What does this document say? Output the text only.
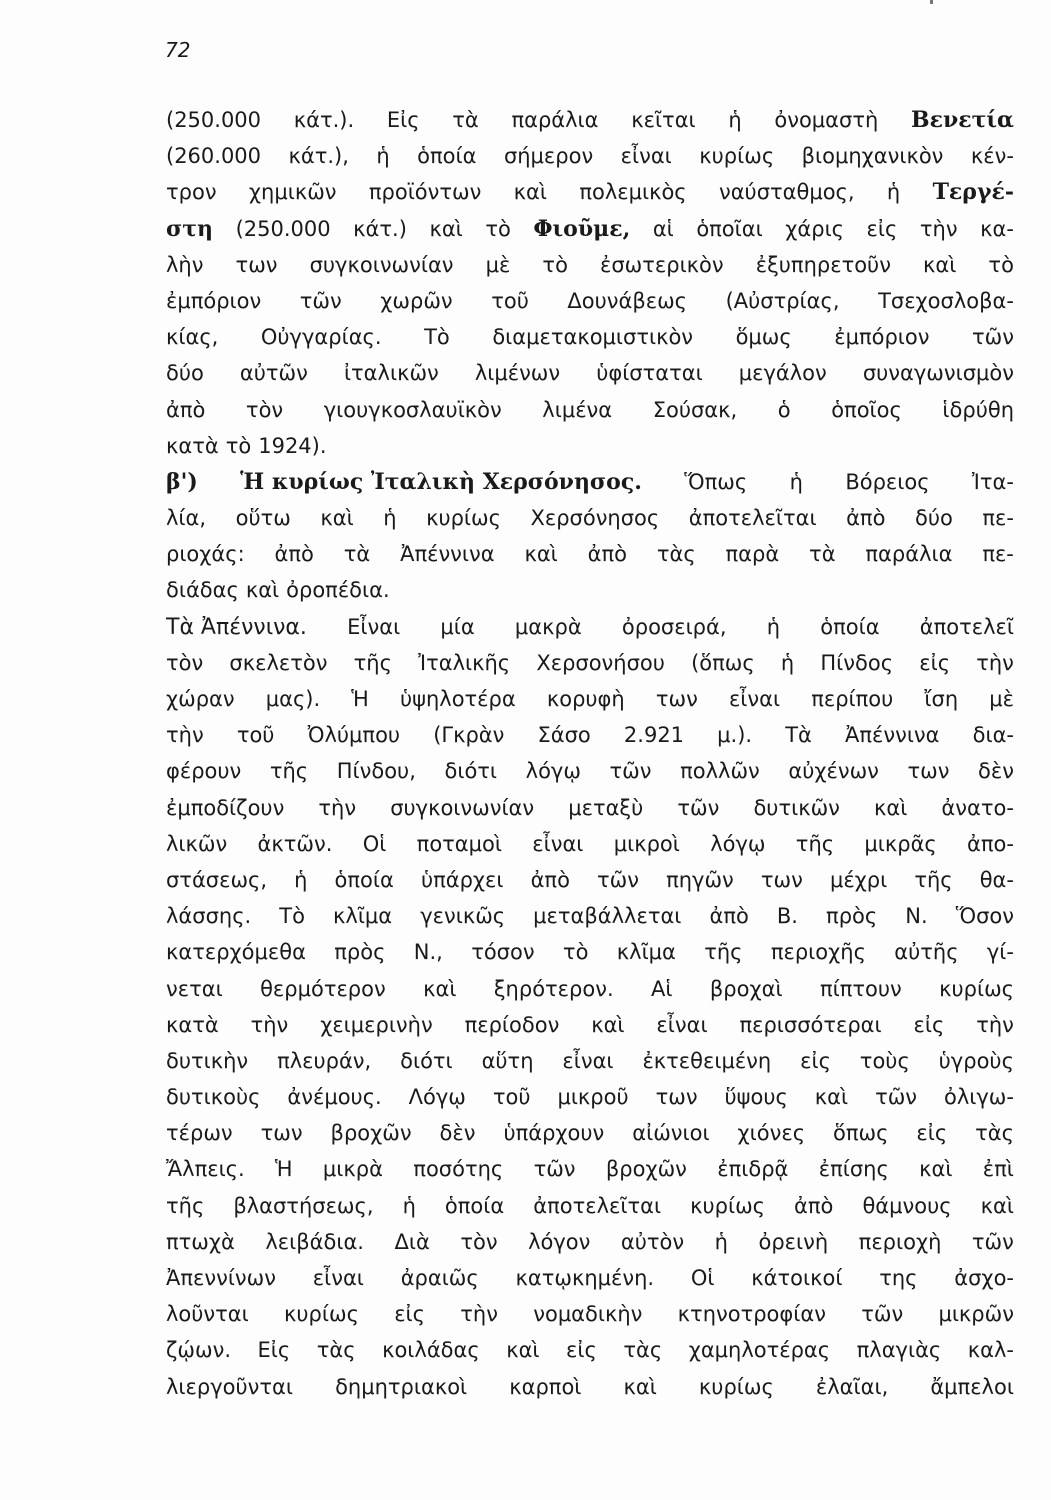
72
(250.000 κάτ.). Εἰς τὰ παράλια κεῖται ἡ ὀνομαστὴ Βενετία
(260.000 κάτ.), ἡ ὁποία σήμερον εἶναι κυρίως βιομηχανικὸν κέν-
τρον χημικῶν προϊόντων καὶ πολεμικὸς ναύσταθμος, ἡ Τεργέ-
στη (250.000 κάτ.) καὶ τὸ Φιοῦμε, αἱ ὁποῖαι χάρις εἰς τὴν κα-
λὴν των συγκοινωνίαν μὲ τὸ ἐσωτερικὸν ἐξυπηρετοῦν καὶ τὸ
ἐμπόριον τῶν χωρῶν τοῦ Δουνάβεως (Αὐστρίας, Τσεχοσλοβα-
κίας, Οὐγγαρίας. Τὸ διαμετακομιστικὸν ὅμως ἐμπόριον τῶν
δύο αὐτῶν ἰταλικῶν λιμένων ὑφίσταται μεγάλον συναγωνισμὸν
ἀπὸ τὸν γιουγκοσλαυϊκὸν λιμένα Σούσακ, ὁ ὁποῖος ἱδρύθη
κατὰ τὸ 1924).
β') Ἡ κυρίως Ἰταλικὴ Χερσόνησος. Ὅπως ἡ Βόρειος Ἰτα-
λία, οὕτω καὶ ἡ κυρίως Χερσόνησος ἀποτελεῖται ἀπὸ δύο πε-
ριοχάς: ἀπὸ τὰ Ἀπέννινα καὶ ἀπὸ τὰς παρὰ τὰ παράλια πε-
διάδας καὶ ὀροπέδια.
Τὰ Ἀπέννινα. Εἶναι μία μακρὰ ὀροσειρά, ἡ ὁποία ἀποτελεῖ
τὸν σκελετὸν τῆς Ἰταλικῆς Χερσονήσου (ὅπως ἡ Πίνδος εἰς τὴν
χώραν μας). Ἡ ὑψηλοτέρα κορυφὴ των εἶναι περίπου ἴση μὲ
τὴν τοῦ Ὀλύμπου (Γκρὰν Σάσο 2.921 μ.). Τὰ Ἀπέννινα δια-
φέρουν τῆς Πίνδου, διότι λόγῳ τῶν πολλῶν αὐχένων των δὲν
ἐμποδίζουν τὴν συγκοινωνίαν μεταξὺ τῶν δυτικῶν καὶ ἀνατο-
λικῶν ἀκτῶν. Οἱ ποταμοὶ εἶναι μικροὶ λόγῳ τῆς μικρᾶς ἀπο-
στάσεως, ἡ ὁποία ὑπάρχει ἀπὸ τῶν πηγῶν των μέχρι τῆς θα-
λάσσης. Τὸ κλῖμα γενικῶς μεταβάλλεται ἀπὸ Β. πρὸς Ν. Ὅσον
κατερχόμεθα πρὸς Ν., τόσον τὸ κλῖμα τῆς περιοχῆς αὐτῆς γί-
νεται θερμότερον καὶ ξηρότερον. Αἱ βροχαὶ πίπτουν κυρίως
κατὰ τὴν χειμερινὴν περίοδον καὶ εἶναι περισσότεραι εἰς τὴν
δυτικὴν πλευράν, διότι αὕτη εἶναι ἐκτεθειμένη εἰς τοὺς ὑγροὺς
δυτικοὺς ἀνέμους. Λόγῳ τοῦ μικροῦ των ὕψους καὶ τῶν ὀλιγω-
τέρων των βροχῶν δὲν ὑπάρχουν αἰώνιοι χιόνες ὅπως εἰς τὰς
Ἄλπεις. Ἡ μικρὰ ποσότης τῶν βροχῶν ἐπιδρᾷ ἐπίσης καὶ ἐπὶ
τῆς βλαστήσεως, ἡ ὁποία ἀποτελεῖται κυρίως ἀπὸ θάμνους καὶ
πτωχὰ λειβάδια. Διὰ τὸν λόγον αὐτὸν ἡ ὀρεινὴ περιοχὴ τῶν
Ἀπεννίνων εἶναι ἀραιῶς κατῳκημένη. Οἱ κάτοικοί της ἀσχο-
λοῦνται κυρίως εἰς τὴν νομαδικὴν κτηνοτροφίαν τῶν μικρῶν
ζῴων. Εἰς τὰς κοιλάδας καὶ εἰς τὰς χαμηλοτέρας πλαγιὰς καλ-
λιεργοῦνται δημητριακοὶ καρποὶ καὶ κυρίως ἐλαῖαι, ἄμπελοι
